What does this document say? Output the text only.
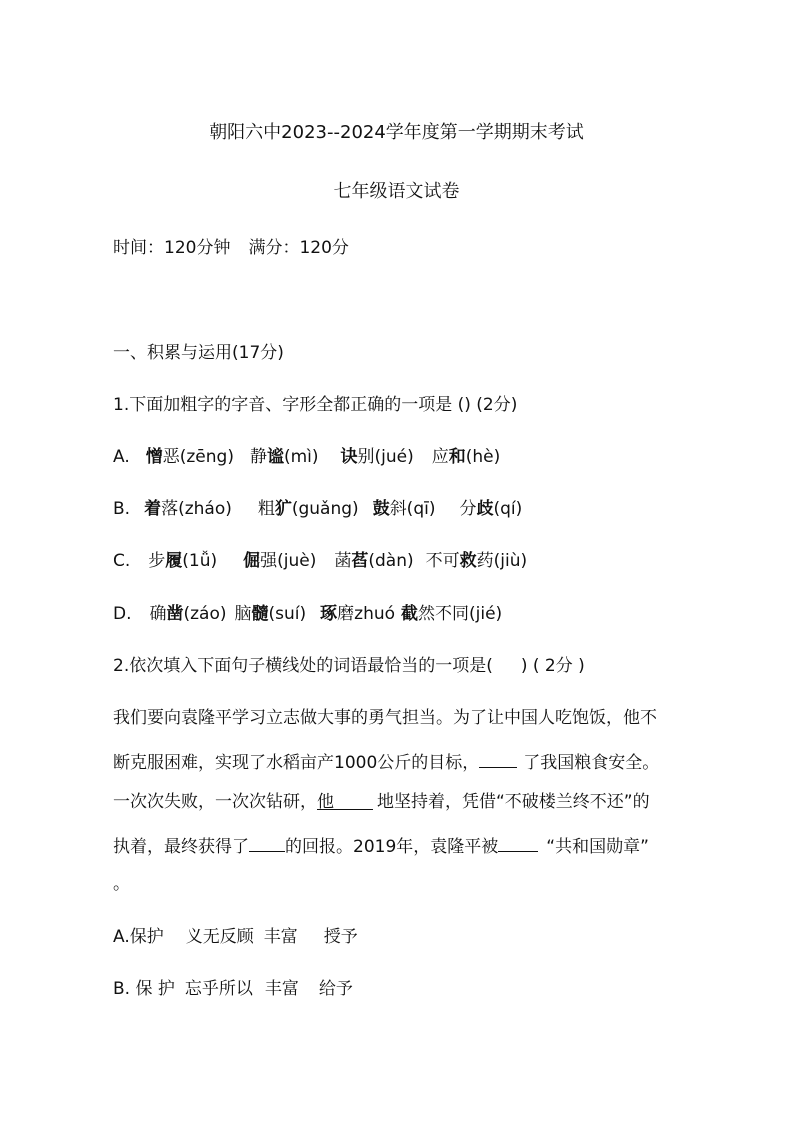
朝阳六中2023--2024学年度第一学期期末考试
七年级语文试卷
时间：120分钟 满分：120分
一、积累与运用(17分)
1.下面加粗字的字音、字形全都正确的一项是 () (2分)
A. 憎恶(zēng) 静谧(mì) 诀别(jué) 应和(hè)
B. 着落(zháo) 粗犷(guǎng) 鼓斜(qī) 分歧(qí)
C. 步履(1ǚ) 倔强(juè) 菡萏(dàn) 不可救药(jiù)
D. 确凿(záo) 脑髓(suí) 琢磨zhuó 截然不同(jié)
2.依次填入下面句子横线处的词语最恰当的一项是( ) ( 2分 )
我们要向袁隆平学习立志做大事的勇气担当。为了让中国人吃饱饭，他不
断克服困难，实现了水稻亩产1000公斤的目标，	了我国粮食安全。
一次次失败，一次次钻研，他	地坚持着，凭借“不破楼兰终不还”的
执着，最终获得了 的回报。2019年，袁隆平被	“共和国勋章”
。
A.保护 义无反顾 丰富 授予
B. 保 护 忘乎所以 丰富 给予
